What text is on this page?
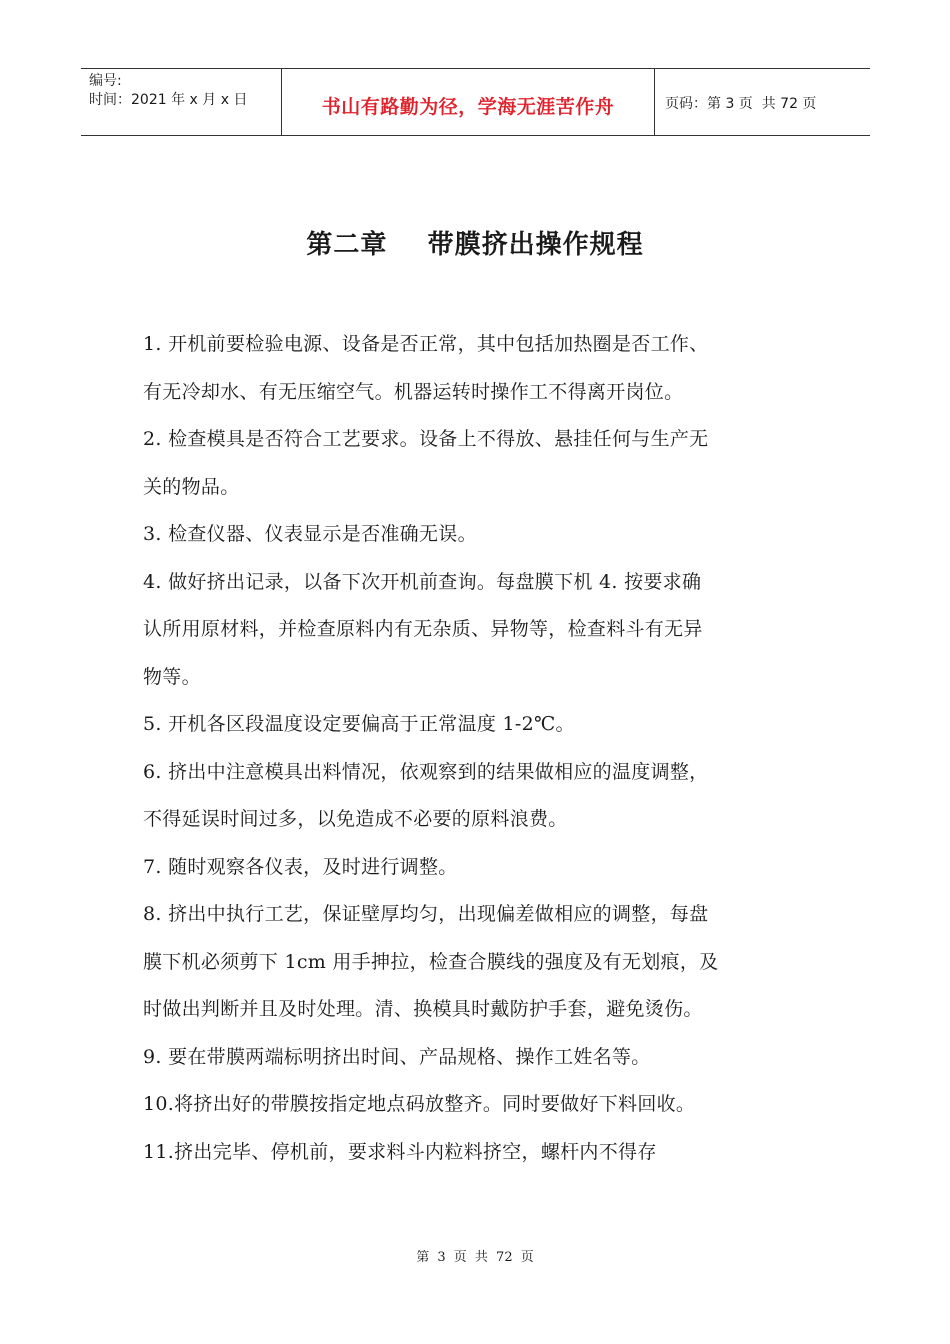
编号:
时间：2021 年 x 月 x 日	书山有路勤为径，学海无涯苦作舟	页码：第 3 页  共 72 页
第二章    带膜挤出操作规程
1. 开机前要检验电源、设备是否正常，其中包括加热圈是否工作、
有无冷却水、有无压缩空气。机器运转时操作工不得离开岗位。
2. 检查模具是否符合工艺要求。设备上不得放、悬挂任何与生产无
关的物品。
3. 检查仪器、仪表显示是否准确无误。
4. 做好挤出记录，以备下次开机前查询。每盘膜下机 4. 按要求确
认所用原材料，并检查原料内有无杂质、异物等，检查料斗有无异
物等。
5. 开机各区段温度设定要偏高于正常温度 1-2℃。
6. 挤出中注意模具出料情况，依观察到的结果做相应的温度调整，
不得延误时间过多，以免造成不必要的原料浪费。
7. 随时观察各仪表，及时进行调整。
8. 挤出中执行工艺，保证壁厚均匀，出现偏差做相应的调整，每盘
膜下机必须剪下 1cm 用手抻拉，检查合膜线的强度及有无划痕，及
时做出判断并且及时处理。清、换模具时戴防护手套，避免烫伤。
9. 要在带膜两端标明挤出时间、产品规格、操作工姓名等。
10.将挤出好的带膜按指定地点码放整齐。同时要做好下料回收。
11.挤出完毕、停机前，要求料斗内粒料挤空，螺杆内不得存
第 3 页 共 72 页
